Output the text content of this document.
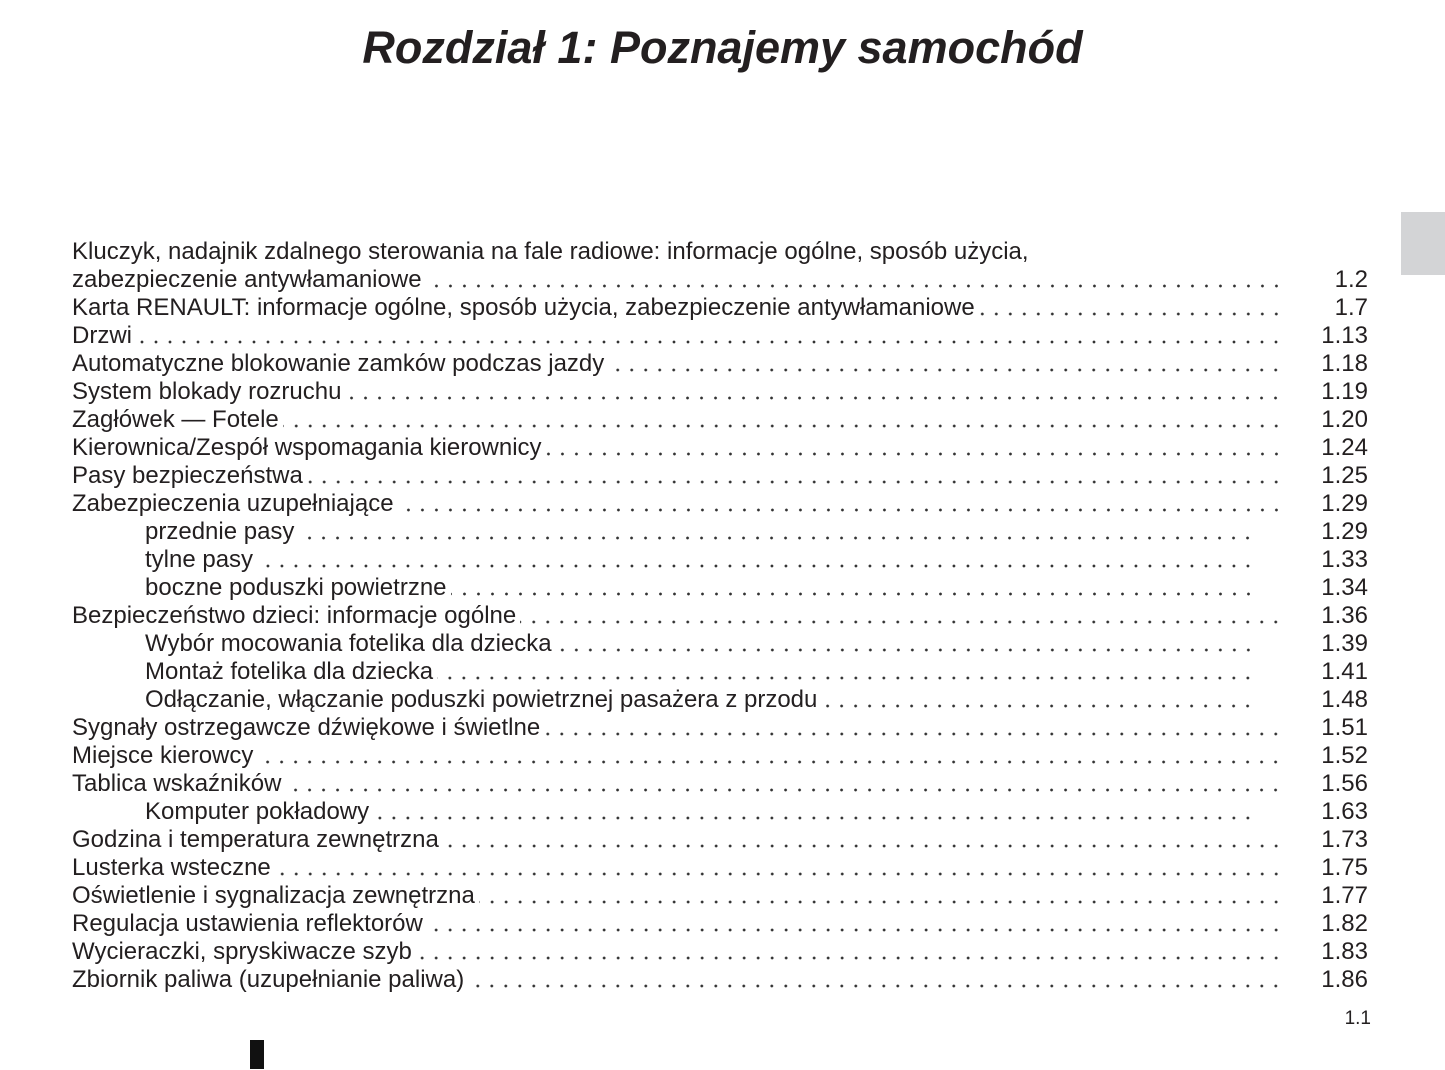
Rozdział 1: Poznajemy samochód
Kluczyk, nadajnik zdalnego sterowania na fale radiowe: informacje ogólne, sposób użycia,
zabezpieczenie antywłamaniowe	1.2
Karta RENAULT: informacje ogólne, sposób użycia, zabezpieczenie antywłamaniowe	1.7
Drzwi	1.13
Automatyczne blokowanie zamków podczas jazdy	1.18
System blokady rozruchu	1.19
Zagłówek — Fotele	1.20
Kierownica/Zespół wspomagania kierownicy	1.24
Pasy bezpieczeństwa	1.25
Zabezpieczenia uzupełniające	1.29
przednie pasy	1.29
tylne pasy	1.33
boczne poduszki powietrzne	1.34
Bezpieczeństwo dzieci: informacje ogólne	1.36
Wybór mocowania fotelika dla dziecka	1.39
Montaż fotelika dla dziecka	1.41
Odłączanie, włączanie poduszki powietrznej pasażera z przodu	1.48
Sygnały ostrzegawcze dźwiękowe i świetlne	1.51
Miejsce kierowcy	1.52
Tablica wskaźników	1.56
Komputer pokładowy	1.63
Godzina i temperatura zewnętrzna	1.73
Lusterka wsteczne	1.75
Oświetlenie i sygnalizacja zewnętrzna	1.77
Regulacja ustawienia reflektorów	1.82
Wycieraczki, spryskiwacze szyb	1.83
Zbiornik paliwa (uzupełnianie paliwa)	1.86
1.1
